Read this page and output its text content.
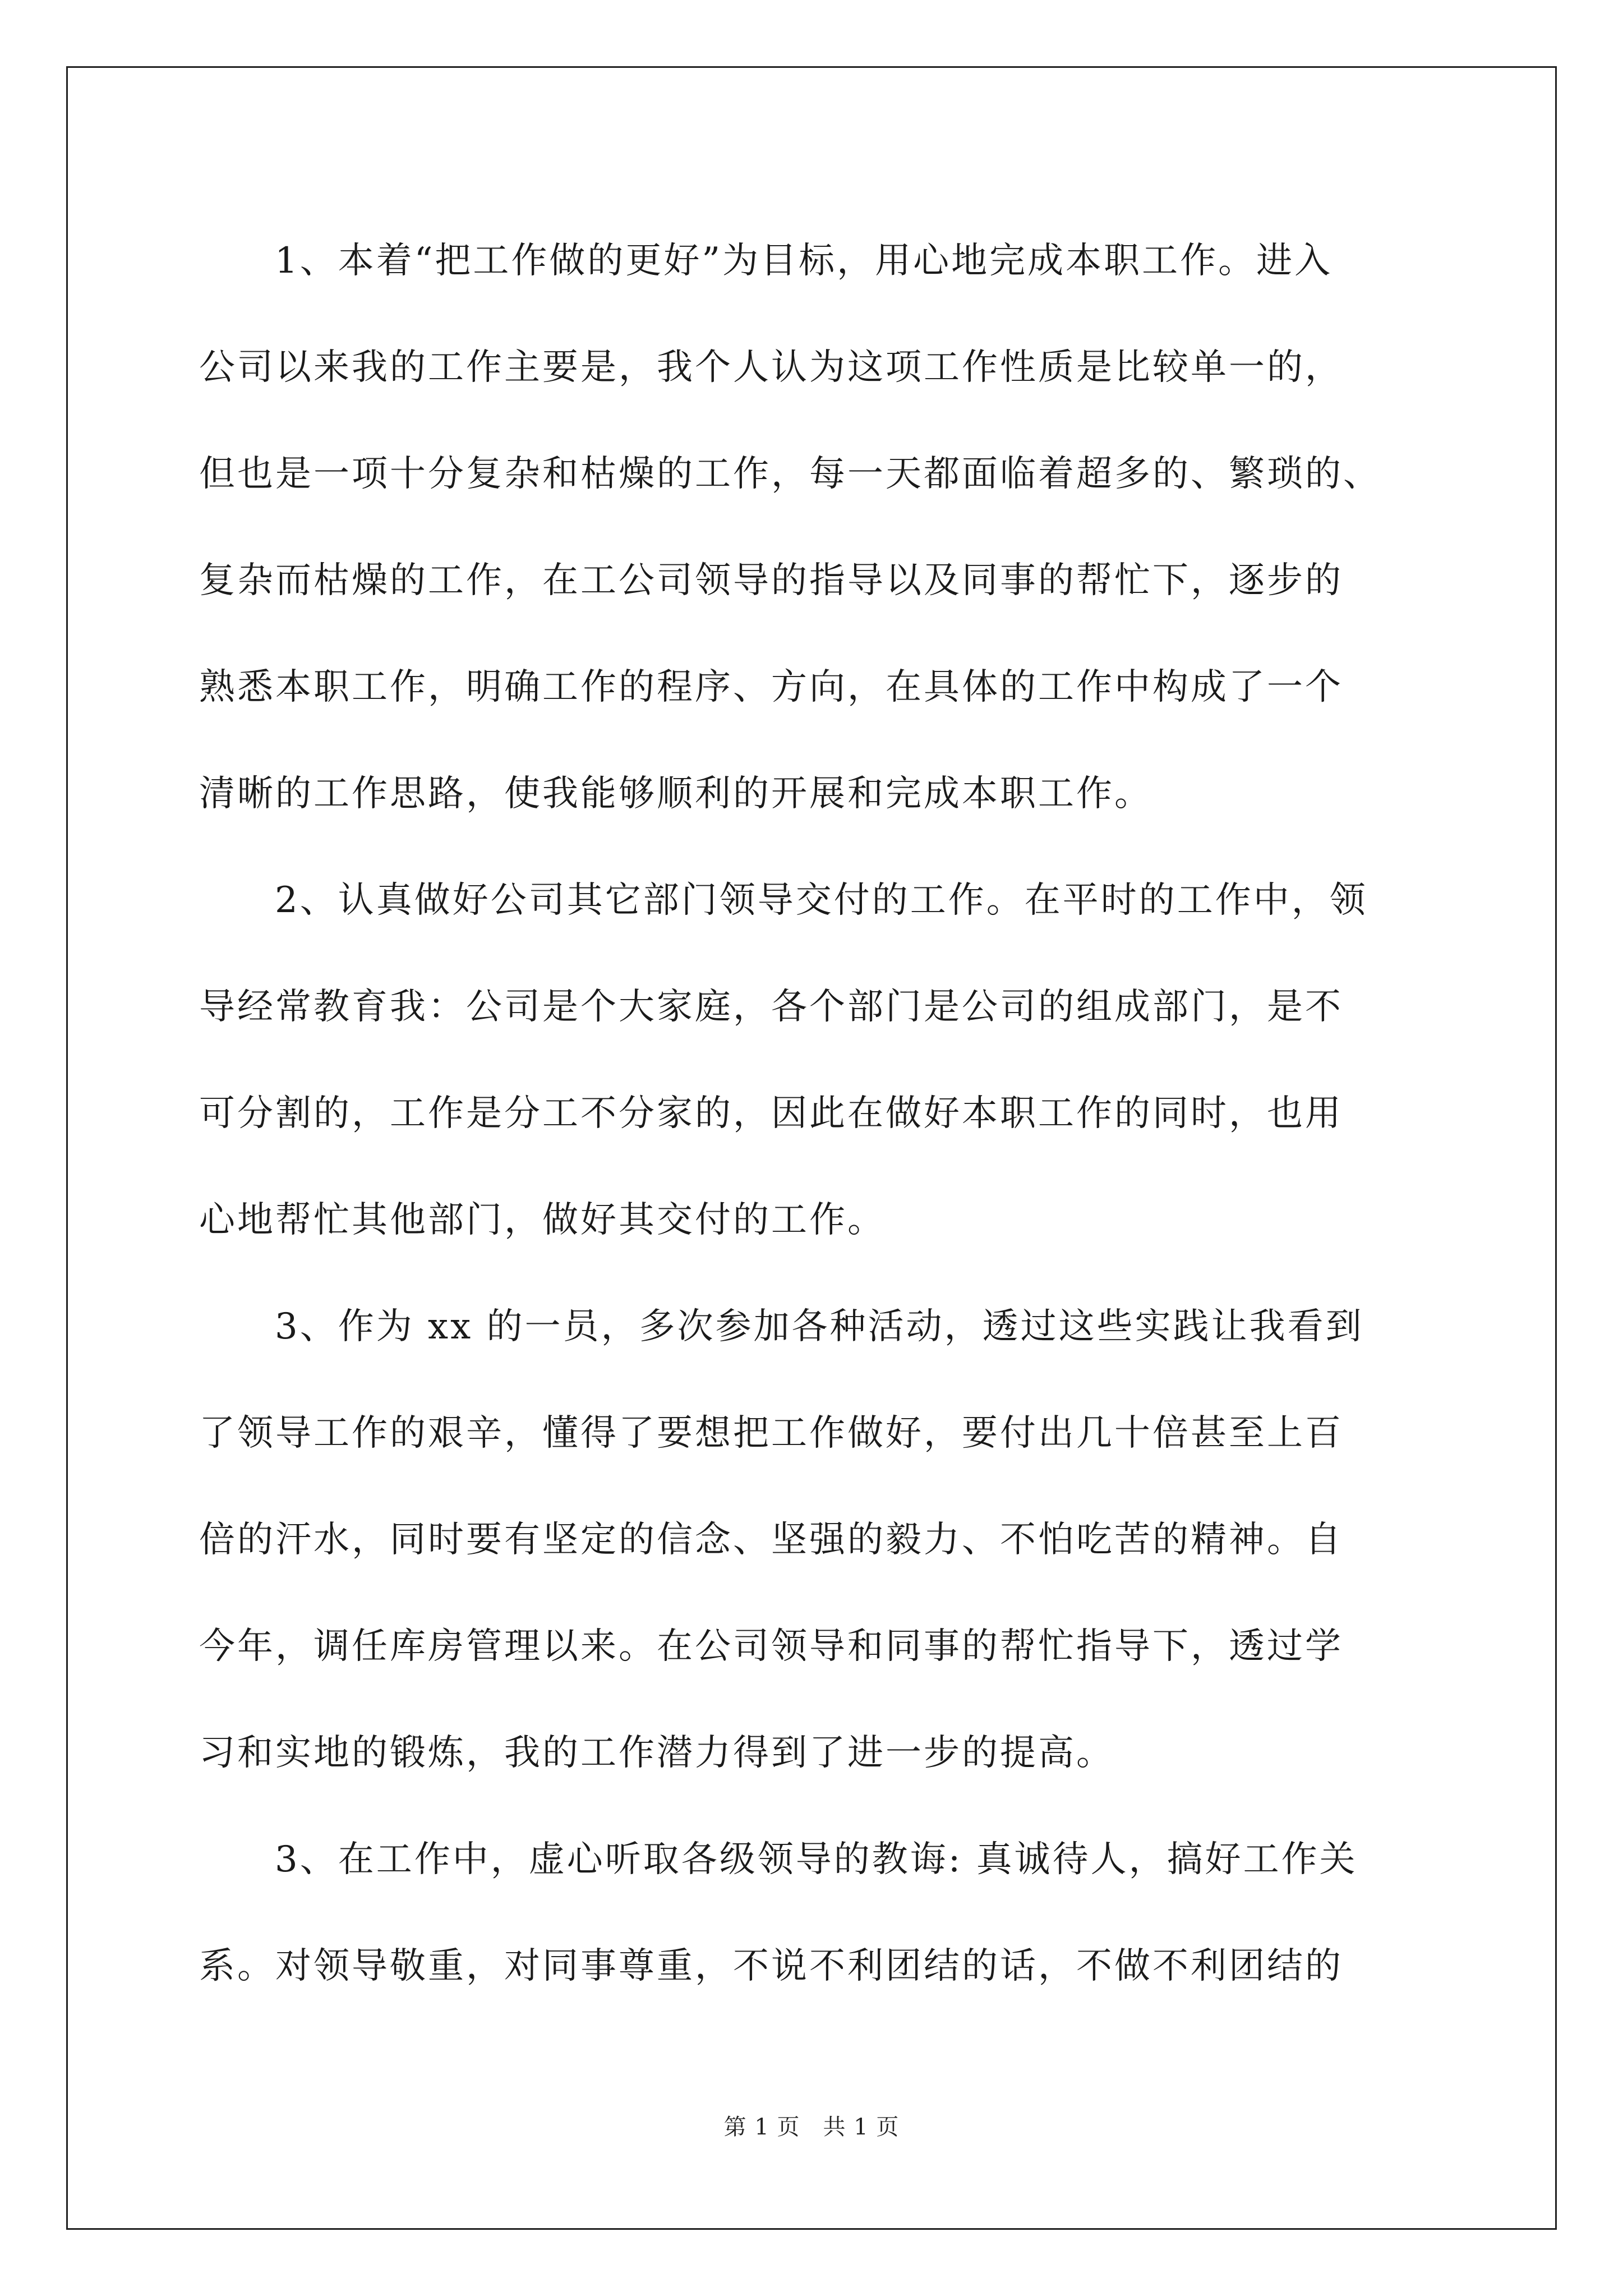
1、本着“把工作做的更好”为目标，用心地完成本职工作。进入
公司以来我的工作主要是，我个人认为这项工作性质是比较单一的，
但也是一项十分复杂和枯燥的工作，每一天都面临着超多的、繁琐的、
复杂而枯燥的工作，在工公司领导的指导以及同事的帮忙下，逐步的
熟悉本职工作，明确工作的程序、方向，在具体的工作中构成了一个
清晰的工作思路，使我能够顺利的开展和完成本职工作。
2、认真做好公司其它部门领导交付的工作。在平时的工作中，领
导经常教育我：公司是个大家庭，各个部门是公司的组成部门，是不
可分割的，工作是分工不分家的，因此在做好本职工作的同时，也用
心地帮忙其他部门，做好其交付的工作。
3、作为 xx 的一员，多次参加各种活动，透过这些实践让我看到
了领导工作的艰辛，懂得了要想把工作做好，要付出几十倍甚至上百
倍的汗水，同时要有坚定的信念、坚强的毅力、不怕吃苦的精神。自
今年，调任库房管理以来。在公司领导和同事的帮忙指导下，透过学
习和实地的锻炼，我的工作潜力得到了进一步的提高。
3、在工作中，虚心听取各级领导的教诲: 真诚待人，搞好工作关
系。对领导敬重，对同事尊重，不说不利团结的话，不做不利团结的
第 1 页　共 1 页
